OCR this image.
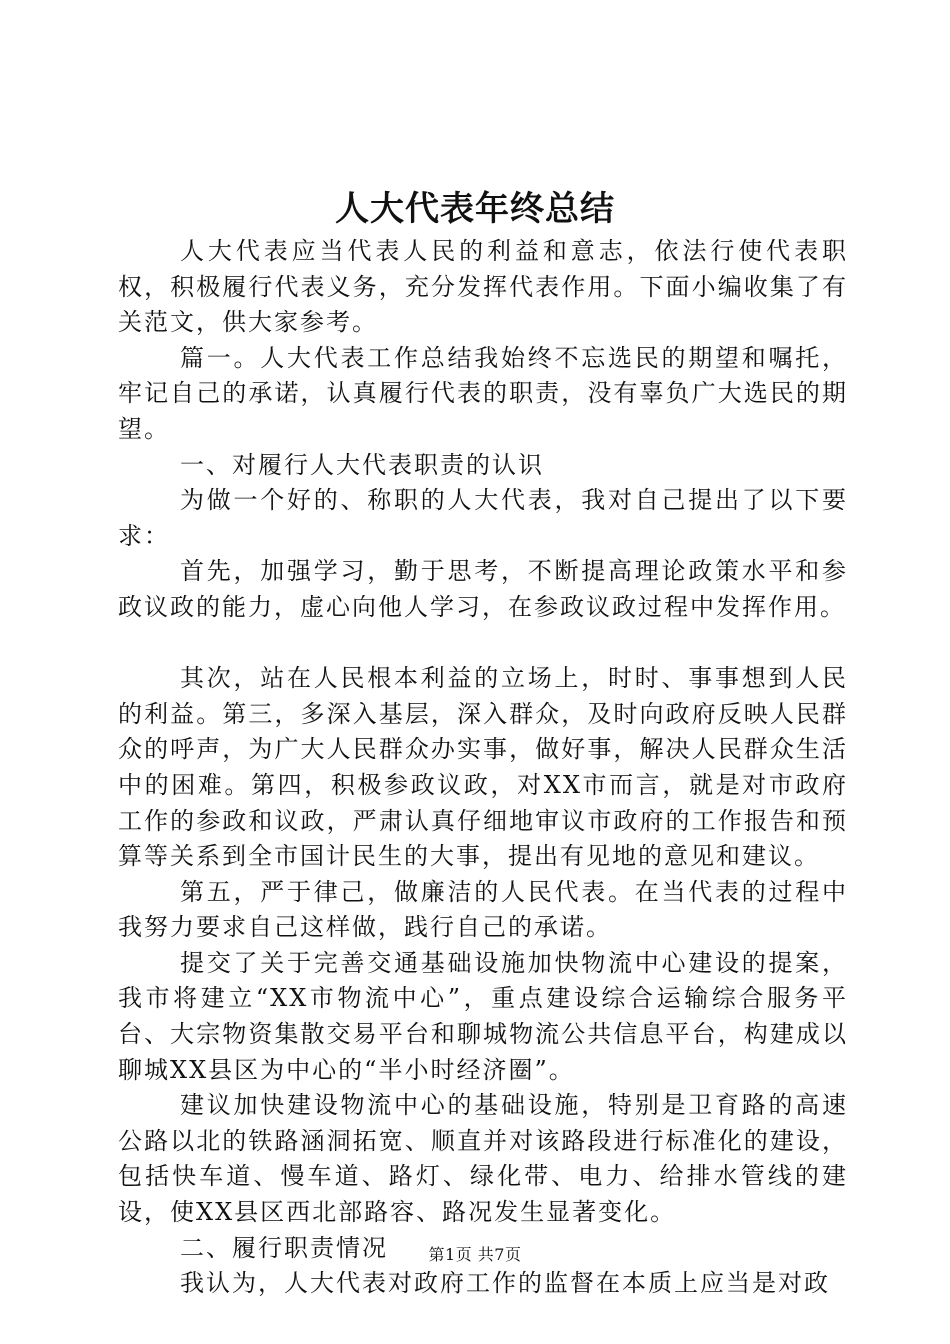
人大代表年终总结

人大代表应当代表人民的利益和意志，依法行使代表职权，积极履行代表义务，充分发挥代表作用。下面小编收集了有关范文，供大家参考。

篇一。人大代表工作总结我始终不忘选民的期望和嘱托，牢记自己的承诺，认真履行代表的职责，没有辜负广大选民的期望。

一、对履行人大代表职责的认识

为做一个好的、称职的人大代表，我对自己提出了以下要求：

首先，加强学习，勤于思考，不断提高理论政策水平和参政议政的能力，虚心向他人学习，在参政议政过程中发挥作用。

其次，站在人民根本利益的立场上，时时、事事想到人民的利益。第三，多深入基层，深入群众，及时向政府反映人民群众的呼声，为广大人民群众办实事，做好事，解决人民群众生活中的困难。第四，积极参政议政，对XX市而言，就是对市政府工作的参政和议政，严肃认真仔细地审议市政府的工作报告和预算等关系到全市国计民生的大事，提出有见地的意见和建议。

第五，严于律己，做廉洁的人民代表。在当代表的过程中我努力要求自己这样做，践行自己的承诺。

提交了关于完善交通基础设施加快物流中心建设的提案，我市将建立“XX市物流中心”，重点建设综合运输综合服务平台、大宗物资集散交易平台和聊城物流公共信息平台，构建成以聊城XX县区为中心的“半小时经济圈”。

建议加快建设物流中心的基础设施，特别是卫育路的高速公路以北的铁路涵洞拓宽、顺直并对该路段进行标准化的建设，包括快车道、慢车道、路灯、绿化带、电力、给排水管线的建设，使XX县区西北部路容、路况发生显著变化。

二、履行职责情况

我认为，人大代表对政府工作的监督在本质上应当是对政

第1页 共7页
